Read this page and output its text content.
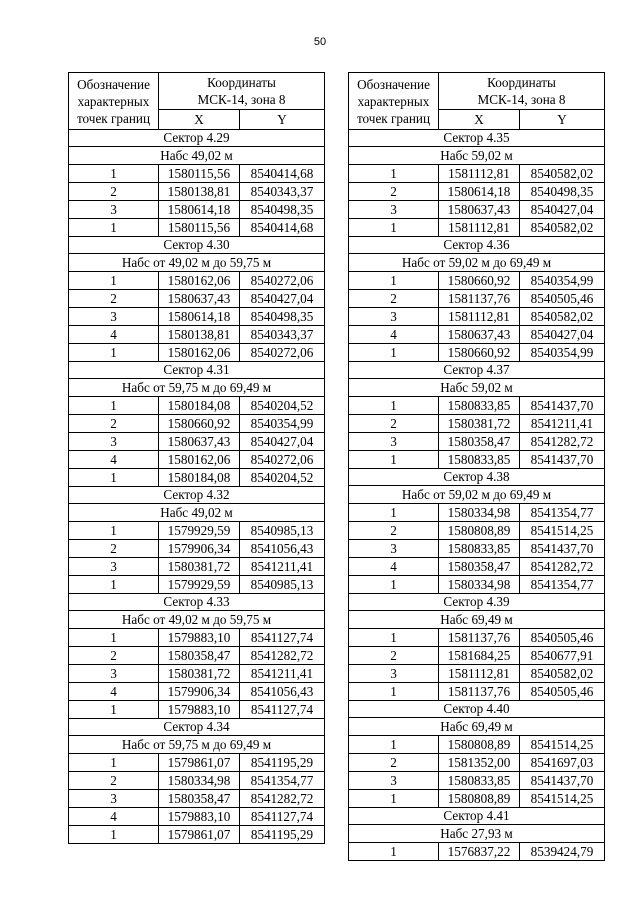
50
Обозначение
характерных
точек границ	Координаты
МСК-14, зона 8	
	X	Y
Сектор 4.29		
Набс 49,02 м		
1	1580115,56	8540414,68
2	1580138,81	8540343,37
3	1580614,18	8540498,35
1	1580115,56	8540414,68
Сектор 4.30		
Набс от 49,02 м до 59,75 м		
1	1580162,06	8540272,06
2	1580637,43	8540427,04
3	1580614,18	8540498,35
4	1580138,81	8540343,37
1	1580162,06	8540272,06
Сектор 4.31		
Набс от 59,75 м до 69,49 м		
1	1580184,08	8540204,52
2	1580660,92	8540354,99
3	1580637,43	8540427,04
4	1580162,06	8540272,06
1	1580184,08	8540204,52
Сектор 4.32		
Набс 49,02 м		
1	1579929,59	8540985,13
2	1579906,34	8541056,43
3	1580381,72	8541211,41
1	1579929,59	8540985,13
Сектор 4.33		
Набс от 49,02 м до 59,75 м		
1	1579883,10	8541127,74
2	1580358,47	8541282,72
3	1580381,72	8541211,41
4	1579906,34	8541056,43
1	1579883,10	8541127,74
Сектор 4.34		
Набс от 59,75 м до 69,49 м		
1	1579861,07	8541195,29
2	1580334,98	8541354,77
3	1580358,47	8541282,72
4	1579883,10	8541127,74
1	1579861,07	8541195,29
Обозначение
характерных
точек границ	Координаты
МСК-14, зона 8	
	X	Y
Сектор 4.35		
Набс 59,02 м		
1	1581112,81	8540582,02
2	1580614,18	8540498,35
3	1580637,43	8540427,04
1	1581112,81	8540582,02
Сектор 4.36		
Набс от 59,02 м до 69,49 м		
1	1580660,92	8540354,99
2	1581137,76	8540505,46
3	1581112,81	8540582,02
4	1580637,43	8540427,04
1	1580660,92	8540354,99
Сектор 4.37		
Набс 59,02 м		
1	1580833,85	8541437,70
2	1580381,72	8541211,41
3	1580358,47	8541282,72
1	1580833,85	8541437,70
Сектор 4.38		
Набс от 59,02 м до 69,49 м		
1	1580334,98	8541354,77
2	1580808,89	8541514,25
3	1580833,85	8541437,70
4	1580358,47	8541282,72
1	1580334,98	8541354,77
Сектор 4.39		
Набс 69,49 м		
1	1581137,76	8540505,46
2	1581684,25	8540677,91
3	1581112,81	8540582,02
1	1581137,76	8540505,46
Сектор 4.40		
Набс 69,49 м		
1	1580808,89	8541514,25
2	1581352,00	8541697,03
3	1580833,85	8541437,70
1	1580808,89	8541514,25
Сектор 4.41		
Набс 27,93 м		
1	1576837,22	8539424,79
